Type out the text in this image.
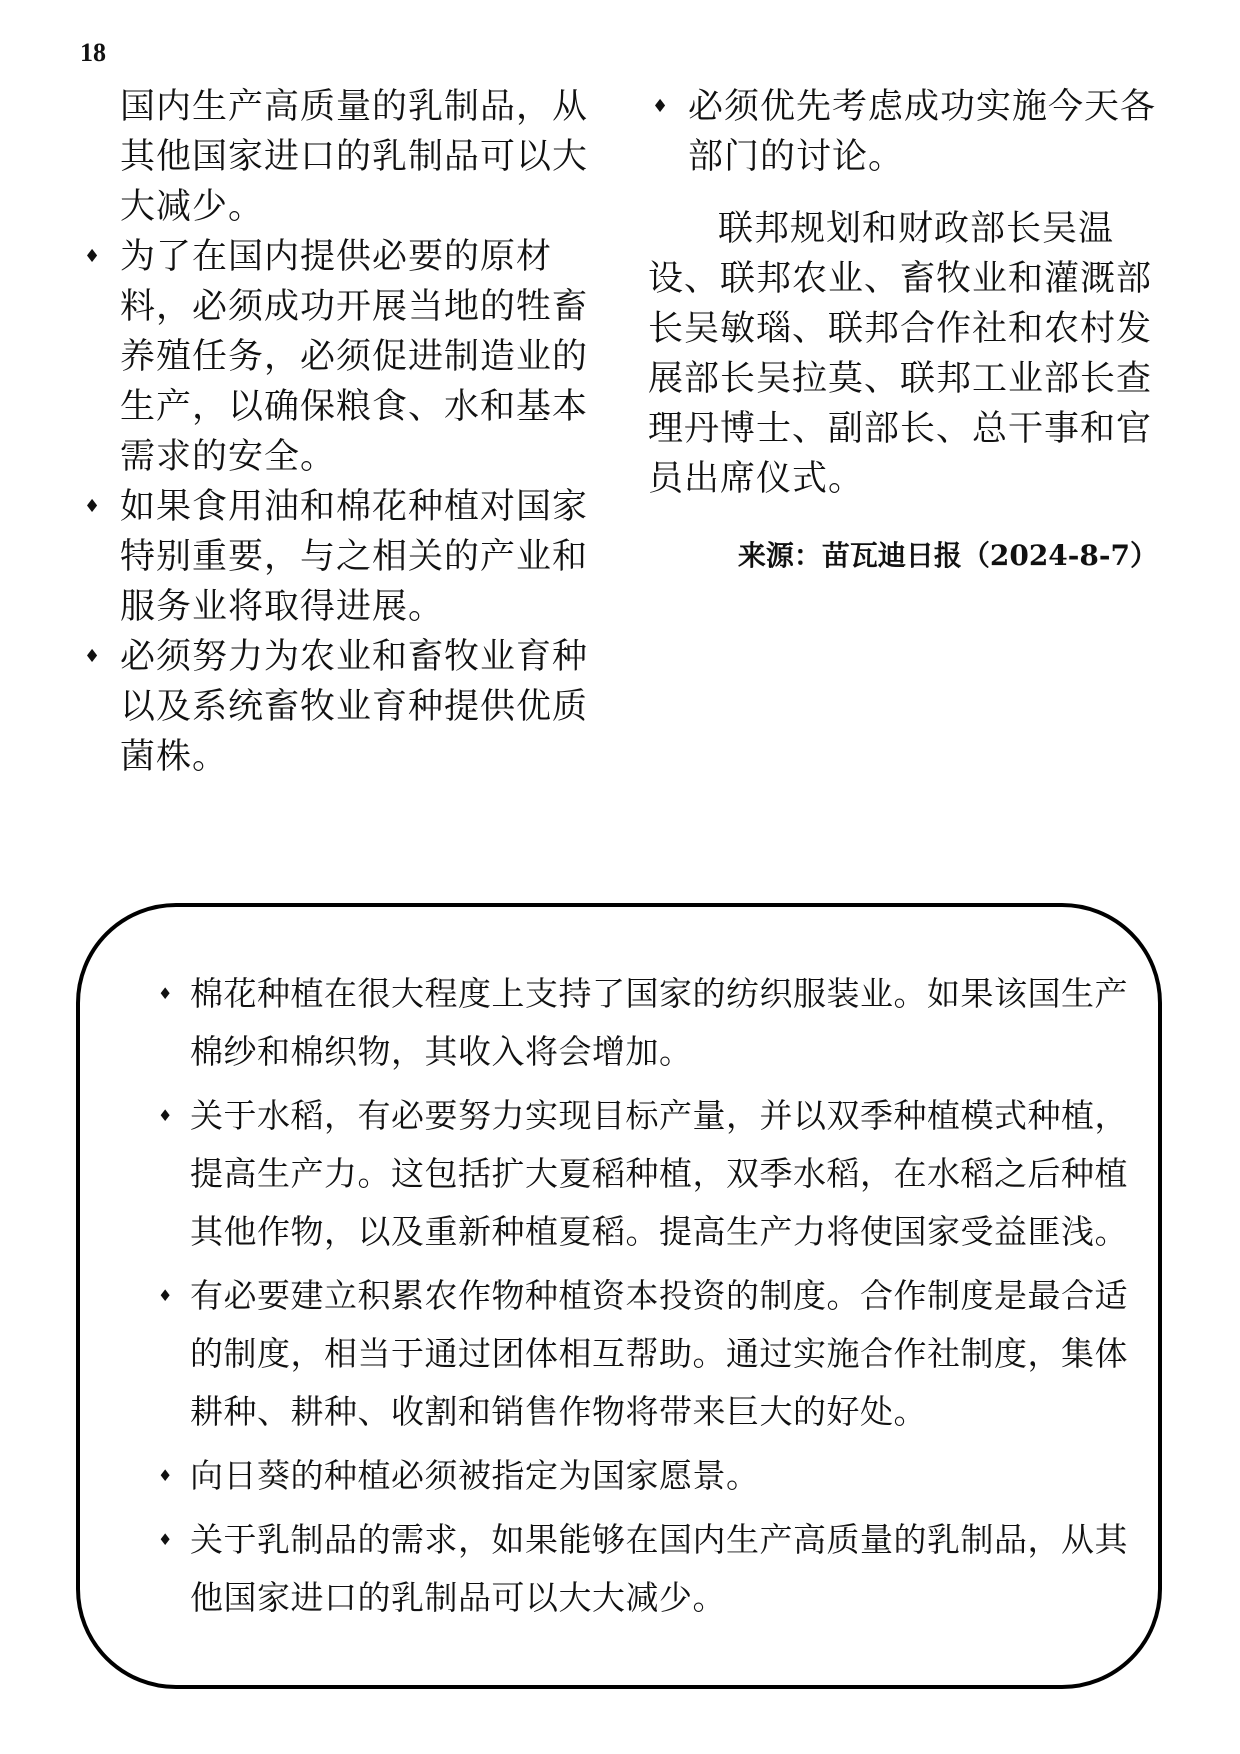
18

国内生产高质量的乳制品，从其他国家进口的乳制品可以大大减少。

♦ 为了在国内提供必要的原材料，必须成功开展当地的牲畜养殖任务，必须促进制造业的生产，以确保粮食、水和基本需求的安全。
♦ 如果食用油和棉花种植对国家特别重要，与之相关的产业和服务业将取得进展。
♦ 必须努力为农业和畜牧业育种以及系统畜牧业育种提供优质菌株。
♦ 必须优先考虑成功实施今天各部门的讨论。

联邦规划和财政部长吴温设、联邦农业、畜牧业和灌溉部长吴敏瑙、联邦合作社和农村发展部长吴拉莫、联邦工业部长查理丹博士、副部长、总干事和官员出席仪式。

来源：苗瓦迪日报（2024-8-7）
♦ 棉花种植在很大程度上支持了国家的纺织服装业。如果该国生产棉纱和棉织物，其收入将会增加。
♦ 关于水稻，有必要努力实现目标产量，并以双季种植模式种植，提高生产力。这包括扩大夏稻种植，双季水稻，在水稻之后种植其他作物，以及重新种植夏稻。提高生产力将使国家受益匪浅。
♦ 有必要建立积累农作物种植资本投资的制度。合作制度是最合适的制度，相当于通过团体相互帮助。通过实施合作社制度，集体耕种、耕种、收割和销售作物将带来巨大的好处。
♦ 向日葵的种植必须被指定为国家愿景。
♦ 关于乳制品的需求，如果能够在国内生产高质量的乳制品，从其他国家进口的乳制品可以大大减少。
